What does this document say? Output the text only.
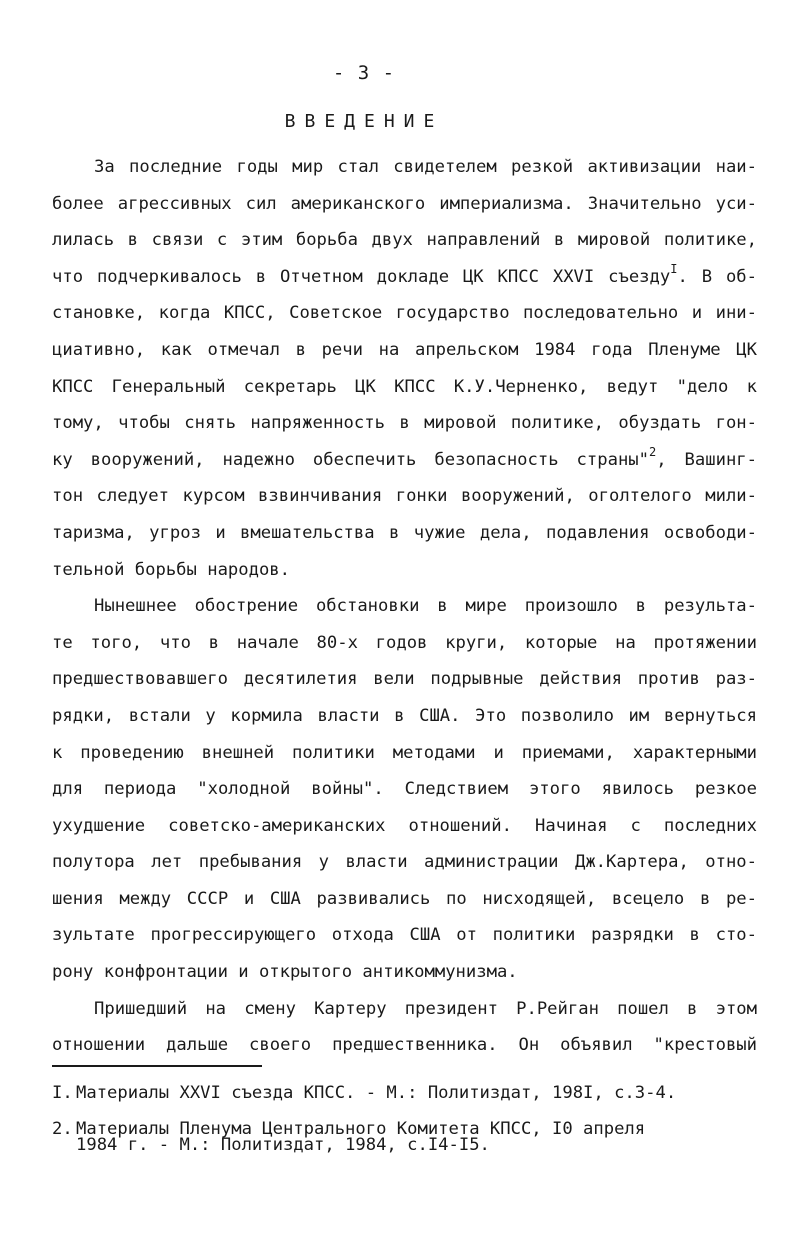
- 3 -
ВВЕДЕНИЕ
За последние годы мир стал свидетелем резкой активизации наи-
более агрессивных сил американского империализма. Значительно уси-
лилась в связи с этим борьба двух направлений в мировой политике,
что подчеркивалось в Отчетном докладе ЦК КПСС XXVI съезду$^I$. В об-
становке, когда КПСС, Советское государство последовательно и ини-
циативно, как отмечал в речи на апрельском 1984 года Пленуме ЦК
КПСС Генеральный секретарь ЦК КПСС К.У.Черненко, ведут "дело к
тому, чтобы снять напряженность в мировой политике, обуздать гон-
ку вооружений, надежно обеспечить безопасность страны"$^2$, Вашинг-
тон следует курсом взвинчивания гонки вооружений, оголтелого мили-
таризма, угроз и вмешательства в чужие дела, подавления освободи-
тельной борьбы народов.
Нынешнее обострение обстановки в мире произошло в результа-
те того, что в начале 80-х годов круги, которые на протяжении
предшествовавшего десятилетия вели подрывные действия против раз-
рядки, встали у кормила власти в США. Это позволило им вернуться
к проведению внешней политики методами и приемами, характерными
для периода "холодной войны". Следствием этого явилось резкое
ухудшение советско-американских отношений. Начиная с последних
полутора лет пребывания у власти администрации Дж.Картера, отно-
шения между СССР и США развивались по нисходящей, всецело в ре-
зультате прогрессирующего отхода США от политики разрядки в сто-
рону конфронтации и открытого антикоммунизма.
Пришедший на смену Картеру президент Р.Рейган пошел в этом
отношении дальше своего предшественника. Он объявил "крестовый
I. Материалы XXVI съезда КПСС. - М.: Политиздат, 198I, с.3-4.
2. Материалы Пленума Центрального Комитета КПСС, I0 апреля
1984 г. - М.: Политиздат, 1984, с.I4-I5.
